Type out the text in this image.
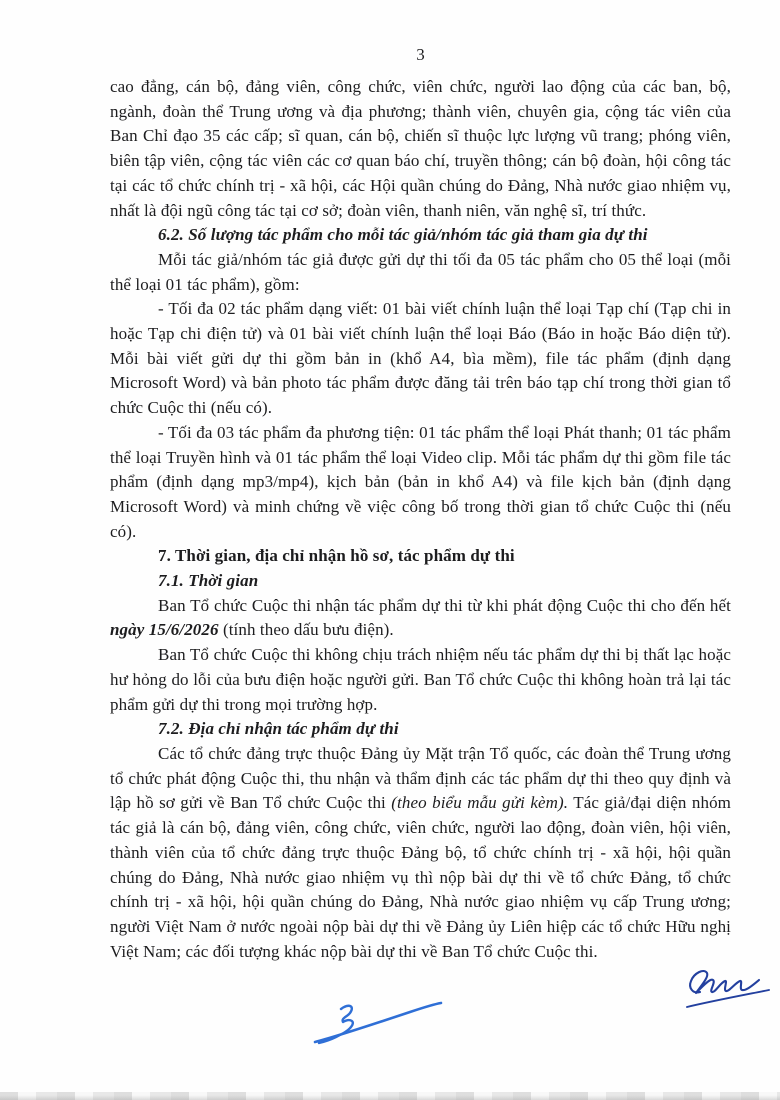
3

cao đẳng, cán bộ, đảng viên, công chức, viên chức, người lao động của các ban, bộ, ngành, đoàn thể Trung ương và địa phương; thành viên, chuyên gia, cộng tác viên của Ban Chỉ đạo 35 các cấp; sĩ quan, cán bộ, chiến sĩ thuộc lực lượng vũ trang; phóng viên, biên tập viên, cộng tác viên các cơ quan báo chí, truyền thông; cán bộ đoàn, hội công tác tại các tổ chức chính trị - xã hội, các Hội quần chúng do Đảng, Nhà nước giao nhiệm vụ, nhất là đội ngũ công tác tại cơ sở; đoàn viên, thanh niên, văn nghệ sĩ, trí thức.

6.2. Số lượng tác phẩm cho mỗi tác giả/nhóm tác giả tham gia dự thi

Mỗi tác giả/nhóm tác giả được gửi dự thi tối đa 05 tác phẩm cho 05 thể loại (mỗi thể loại 01 tác phẩm), gồm:

- Tối đa 02 tác phẩm dạng viết: 01 bài viết chính luận thể loại Tạp chí (Tạp chi in hoặc Tạp chi điện tử) và 01 bài viết chính luận thể loại Báo (Báo in hoặc Báo diện tử). Mỗi bài viết gửi dự thi gồm bản in (khổ A4, bìa mềm), file tác phẩm (định dạng Microsoft Word) và bản photo tác phẩm được đăng tải trên báo tạp chí trong thời gian tổ chức Cuộc thi (nếu có).

- Tối đa 03 tác phẩm đa phương tiện: 01 tác phẩm thể loại Phát thanh; 01 tác phẩm thể loại Truyền hình và 01 tác phẩm thể loại Video clip. Mỗi tác phẩm dự thi gồm file tác phẩm (định dạng mp3/mp4), kịch bản (bản in khổ A4) và file kịch bản (định dạng Microsoft Word) và minh chứng về việc công bố trong thời gian tổ chức Cuộc thi (nếu có).

7. Thời gian, địa chỉ nhận hồ sơ, tác phẩm dự thi

7.1. Thời gian

Ban Tổ chức Cuộc thi nhận tác phẩm dự thi từ khi phát động Cuộc thi cho đến hết ngày 15/6/2026 (tính theo dấu bưu điện).

Ban Tổ chức Cuộc thi không chịu trách nhiệm nếu tác phẩm dự thi bị thất lạc hoặc hư hỏng do lỗi của bưu điện hoặc người gửi. Ban Tổ chức Cuộc thi không hoàn trả lại tác phẩm gửi dự thi trong mọi trường hợp.

7.2. Địa chỉ nhận tác phẩm dự thi

Các tổ chức đảng trực thuộc Đảng ủy Mặt trận Tổ quốc, các đoàn thể Trung ương tổ chức phát động Cuộc thi, thu nhận và thẩm định các tác phẩm dự thi theo quy định và lập hồ sơ gửi về Ban Tổ chức Cuộc thi (theo biểu mẫu gửi kèm). Tác giả/đại diện nhóm tác giả là cán bộ, đảng viên, công chức, viên chức, người lao động, đoàn viên, hội viên, thành viên của tổ chức đảng trực thuộc Đảng bộ, tổ chức chính trị - xã hội, hội quần chúng do Đảng, Nhà nước giao nhiệm vụ thì nộp bài dự thi về tổ chức Đảng, tổ chức chính trị - xã hội, hội quần chúng do Đảng, Nhà nước giao nhiệm vụ cấp Trung ương; người Việt Nam ở nước ngoài nộp bài dự thi về Đảng ủy Liên hiệp các tổ chức Hữu nghị Việt Nam; các đối tượng khác nộp bài dự thi về Ban Tổ chức Cuộc thi.
